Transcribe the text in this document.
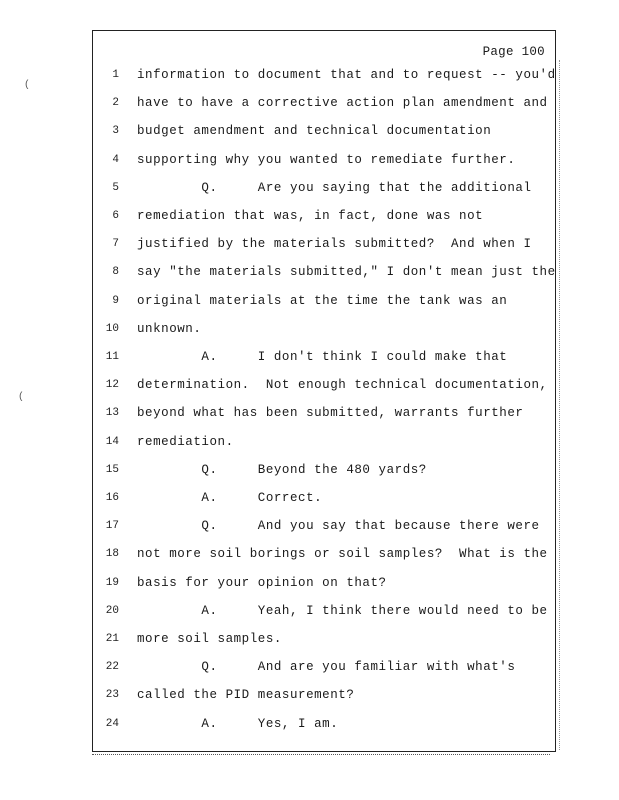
(
(
Page 100
1 information to document that and to request -- you'd
2 have to have a corrective action plan amendment and
3 budget amendment and technical documentation
4 supporting why you wanted to remediate further.
5 Q.     Are you saying that the additional
6 remediation that was, in fact, done was not
7 justified by the materials submitted?  And when I
8 say "the materials submitted," I don't mean just the
9 original materials at the time the tank was an
10 unknown.
11 A.     I don't think I could make that
12 determination.  Not enough technical documentation,
13 beyond what has been submitted, warrants further
14 remediation.
15 Q.     Beyond the 480 yards?
16 A.     Correct.
17 Q.     And you say that because there were
18 not more soil borings or soil samples?  What is the
19 basis for your opinion on that?
20 A.     Yeah, I think there would need to be
21 more soil samples.
22 Q.     And are you familiar with what's
23 called the PID measurement?
24 A.     Yes, I am.
